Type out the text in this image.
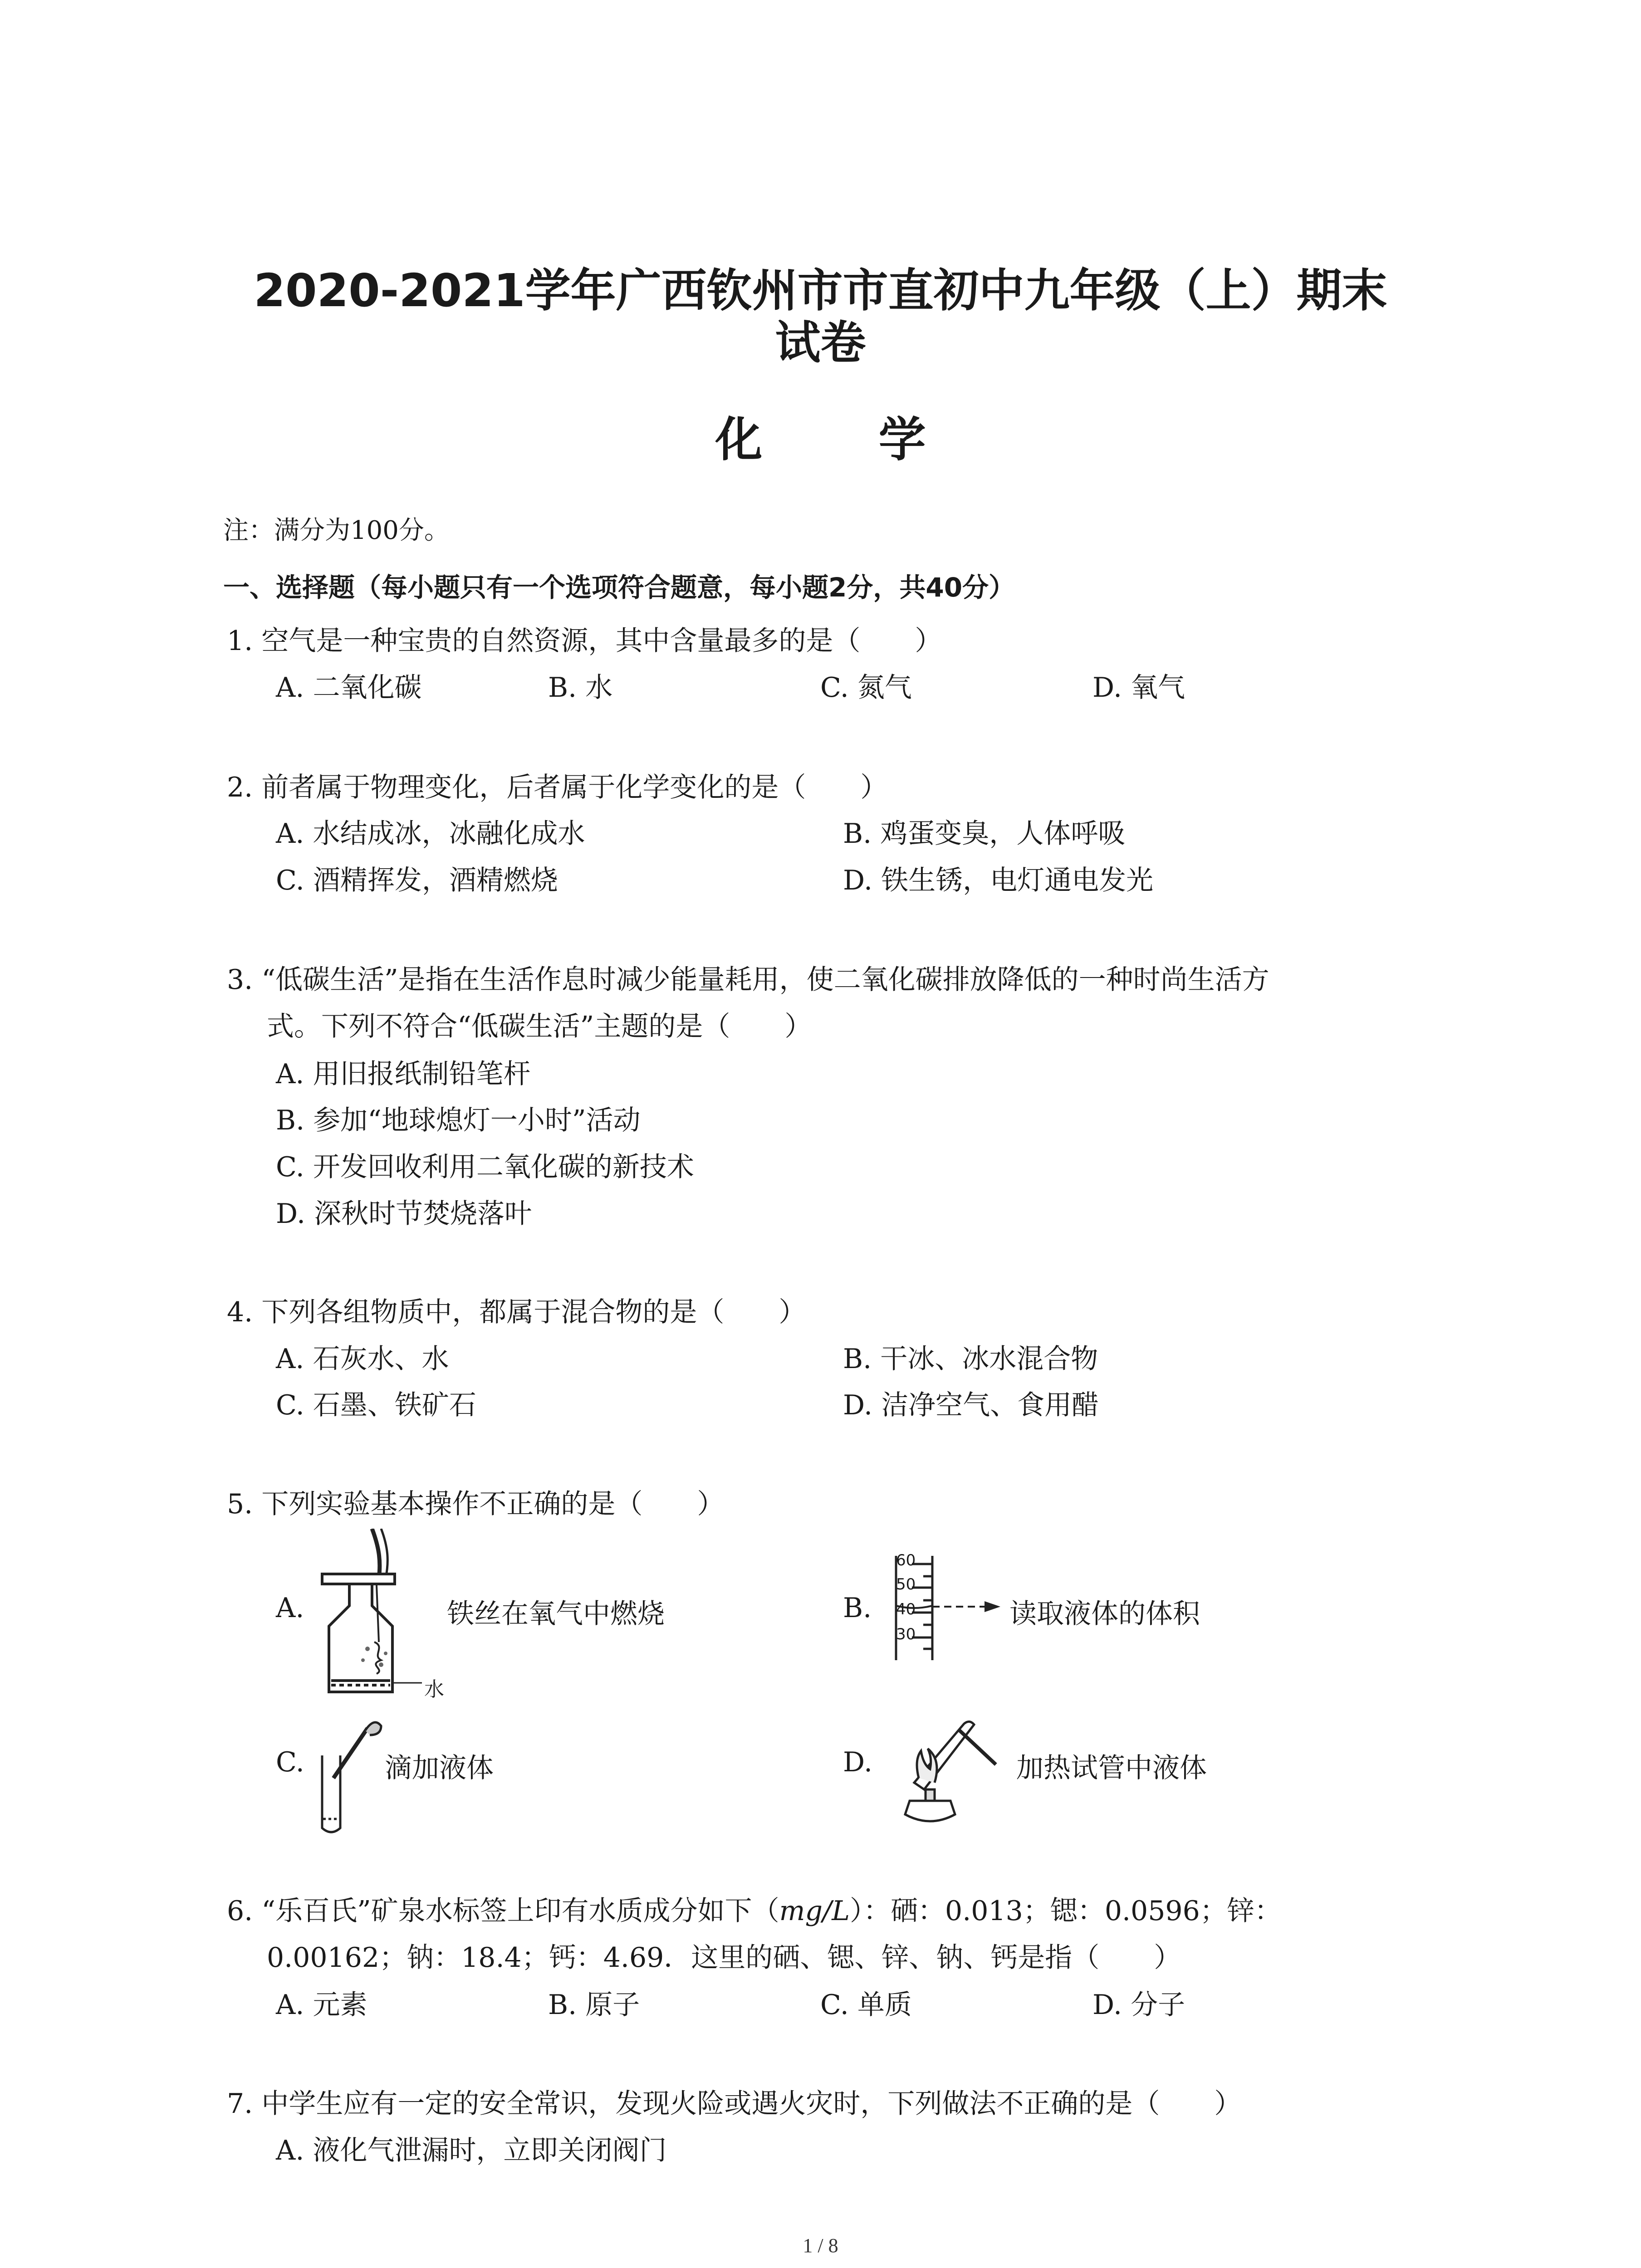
2020-2021学年广西钦州市市直初中九年级（上）期末
试卷
化 学
注：满分为100分。
一、选择题（每小题只有一个选项符合题意，每小题2分，共40分）
1. 空气是一种宝贵的自然资源，其中含量最多的是（　　）
A. 二氧化碳	B. 水	C. 氮气	D. 氧气
2. 前者属于物理变化，后者属于化学变化的是（　　）
A. 水结成冰，冰融化成水	B. 鸡蛋变臭，人体呼吸
C. 酒精挥发，酒精燃烧	D. 铁生锈，电灯通电发光
3. “低碳生活”是指在生活作息时减少能量耗用，使二氧化碳排放降低的一种时尚生活方
式。下列不符合“低碳生活”主题的是（　　）
A. 用旧报纸制铅笔杆
B. 参加“地球熄灯一小时”活动
C. 开发回收利用二氧化碳的新技术
D. 深秋时节焚烧落叶
4. 下列各组物质中，都属于混合物的是（　　）
A. 石灰水、水	B. 干冰、冰水混合物
C. 石墨、铁矿石	D. 洁净空气、食用醋
5. 下列实验基本操作不正确的是（　　）
A.
水
铁丝在氧气中燃烧	B.
60
50
40
30
读取液体的体积
C.	滴加液体	D.	加热试管中液体
6. “乐百氏”矿泉水标签上印有水质成分如下（mg/L）：硒：0.013；锶：0.0596；锌：
0.00162；钠：18.4；钙：4.69．这里的硒、锶、锌、钠、钙是指（　　）
A. 元素	B. 原子	C. 单质	D. 分子
7. 中学生应有一定的安全常识，发现火险或遇火灾时，下列做法不正确的是（　　）
A. 液化气泄漏时，立即关闭阀门
1 / 8
